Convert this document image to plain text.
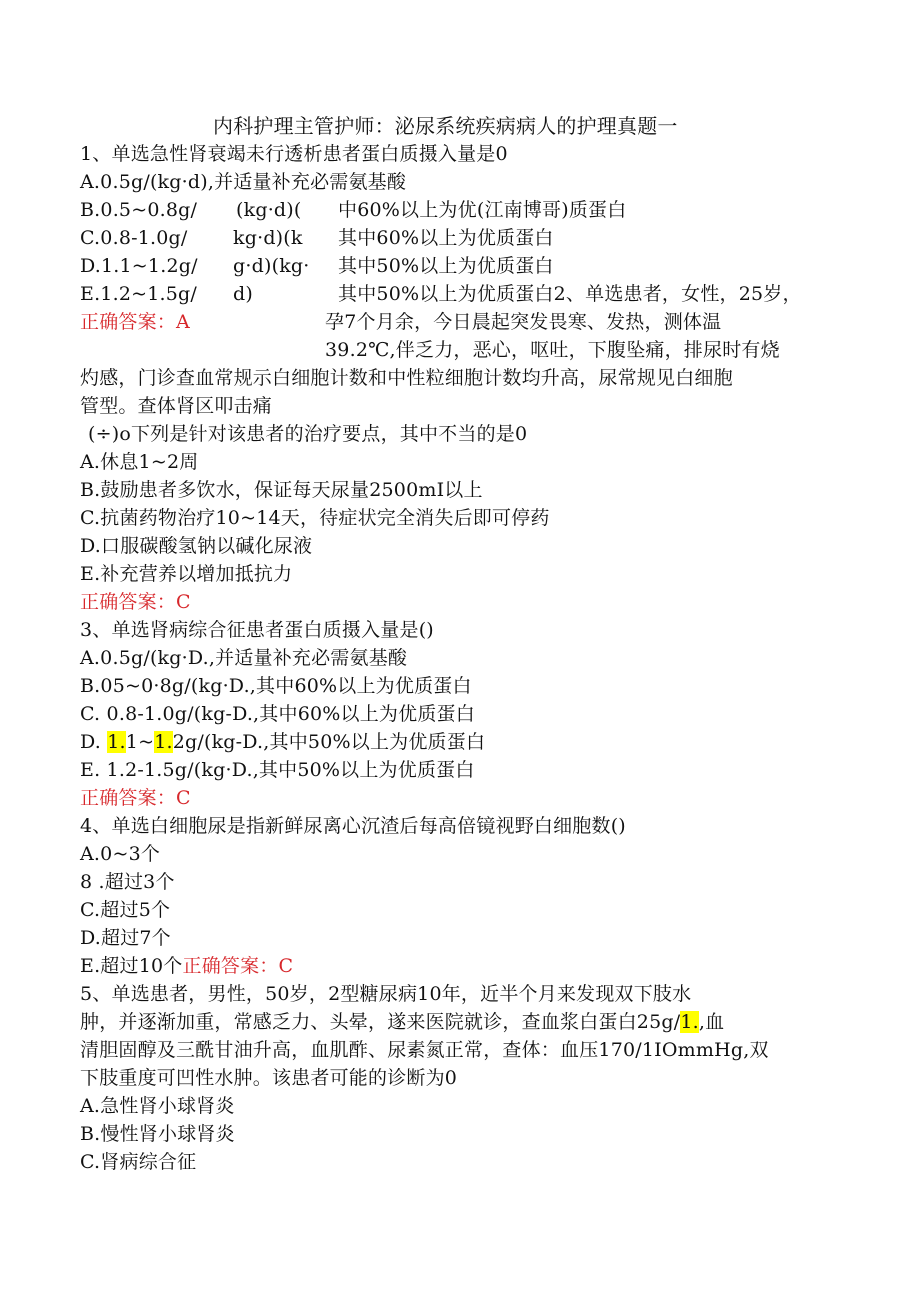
内科护理主管护师：泌尿系统疾病病人的护理真题一
1、单选急性肾衰竭未行透析患者蛋白质摄入量是0
A.0.5g/(kg·d),并适量补充必需氨基酸
B.0.5~0.8g/ (kg·d)( 中60%以上为优(江南博哥)质蛋白
C.0.8-1.0g/ kg·d)(k 其中60%以上为优质蛋白
D.1.1~1.2g/ g·d)(kg· 其中50%以上为优质蛋白
E.1.2~1.5g/ d)	其中50%以上为优质蛋白2、单选患者，女性，25岁，
正确答案：A	孕7个月余，今日晨起突发畏寒、发热，测体温
39.2℃,伴乏力，恶心，呕吐，下腹坠痛，排尿时有烧
灼感，门诊查血常规示白细胞计数和中性粒细胞计数均升高，尿常规见白细胞
管型。查体肾区叩击痛
(÷)o下列是针对该患者的治疗要点，其中不当的是0
A.休息1~2周
B.鼓励患者多饮水，保证每天尿量2500mI以上
C.抗菌药物治疗10~14天，待症状完全消失后即可停药
D.口服碳酸氢钠以碱化尿液
E.补充营养以增加抵抗力
正确答案：C
3、单选肾病综合征患者蛋白质摄入量是()
A.0.5g/(kg·D.,并适量补充必需氨基酸
B.05~0·8g/(kg·D.,其中60%以上为优质蛋白
C. 0.8-1.0g/(kg-D.,其中60%以上为优质蛋白
D. 1.1~1.2g/(kg-D.,其中50%以上为优质蛋白
E. 1.2-1.5g/(kg·D.,其中50%以上为优质蛋白
正确答案：C
4、单选白细胞尿是指新鲜尿离心沉渣后每高倍镜视野白细胞数()
A.0~3个
8 .超过3个
C.超过5个
D.超过7个
E.超过10个正确答案：C
5、单选患者，男性，50岁，2型糖尿病10年，近半个月来发现双下肢水
肿，并逐渐加重，常感乏力、头晕，遂来医院就诊，查血浆白蛋白25g/1.,血
清胆固醇及三酰甘油升高，血肌酢、尿素氮正常，查体：血压170/1IOmmHg,双
下肢重度可凹性水肿。该患者可能的诊断为0
A.急性肾小球肾炎
B.慢性肾小球肾炎
C.肾病综合征
